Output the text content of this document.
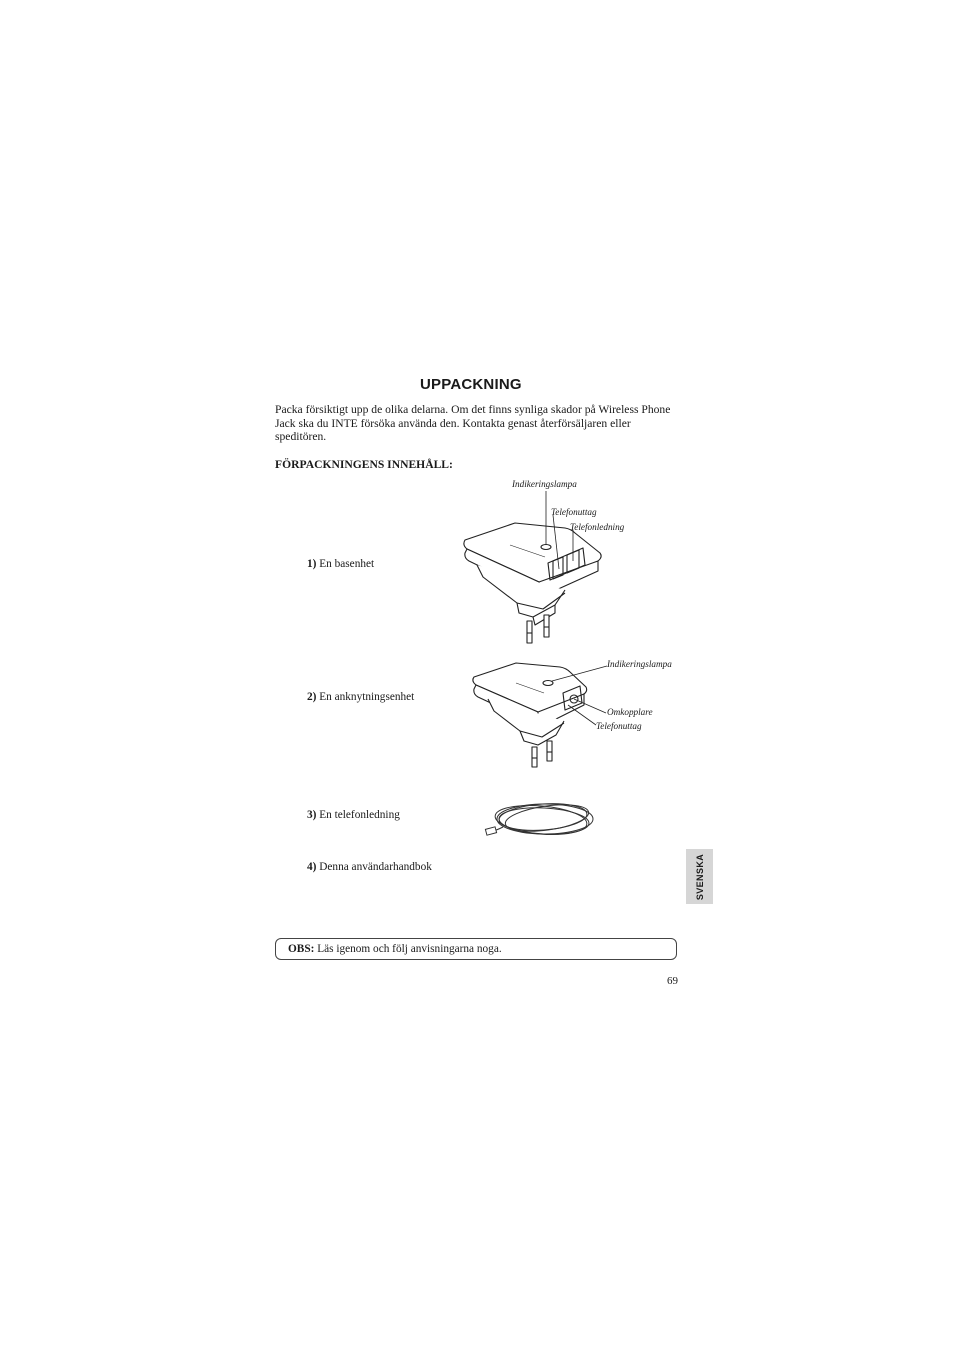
UPPACKNING
Packa försiktigt upp de olika delarna. Om det finns synliga skador på Wireless Phone Jack ska du INTE försöka använda den. Kontakta genast återförsäljaren eller speditören.
FÖRPACKNINGENS INNEHÅLL:
1) En basenhet
2) En anknytningsenhet
3) En telefonledning
4) Denna användarhandbok
Indikeringslampa
Telefonuttag
Telefonledning
Indikeringslampa
Omkopplare
Telefonuttag
SVENSKA
OBS: Läs igenom och följ anvisningarna noga.
69
